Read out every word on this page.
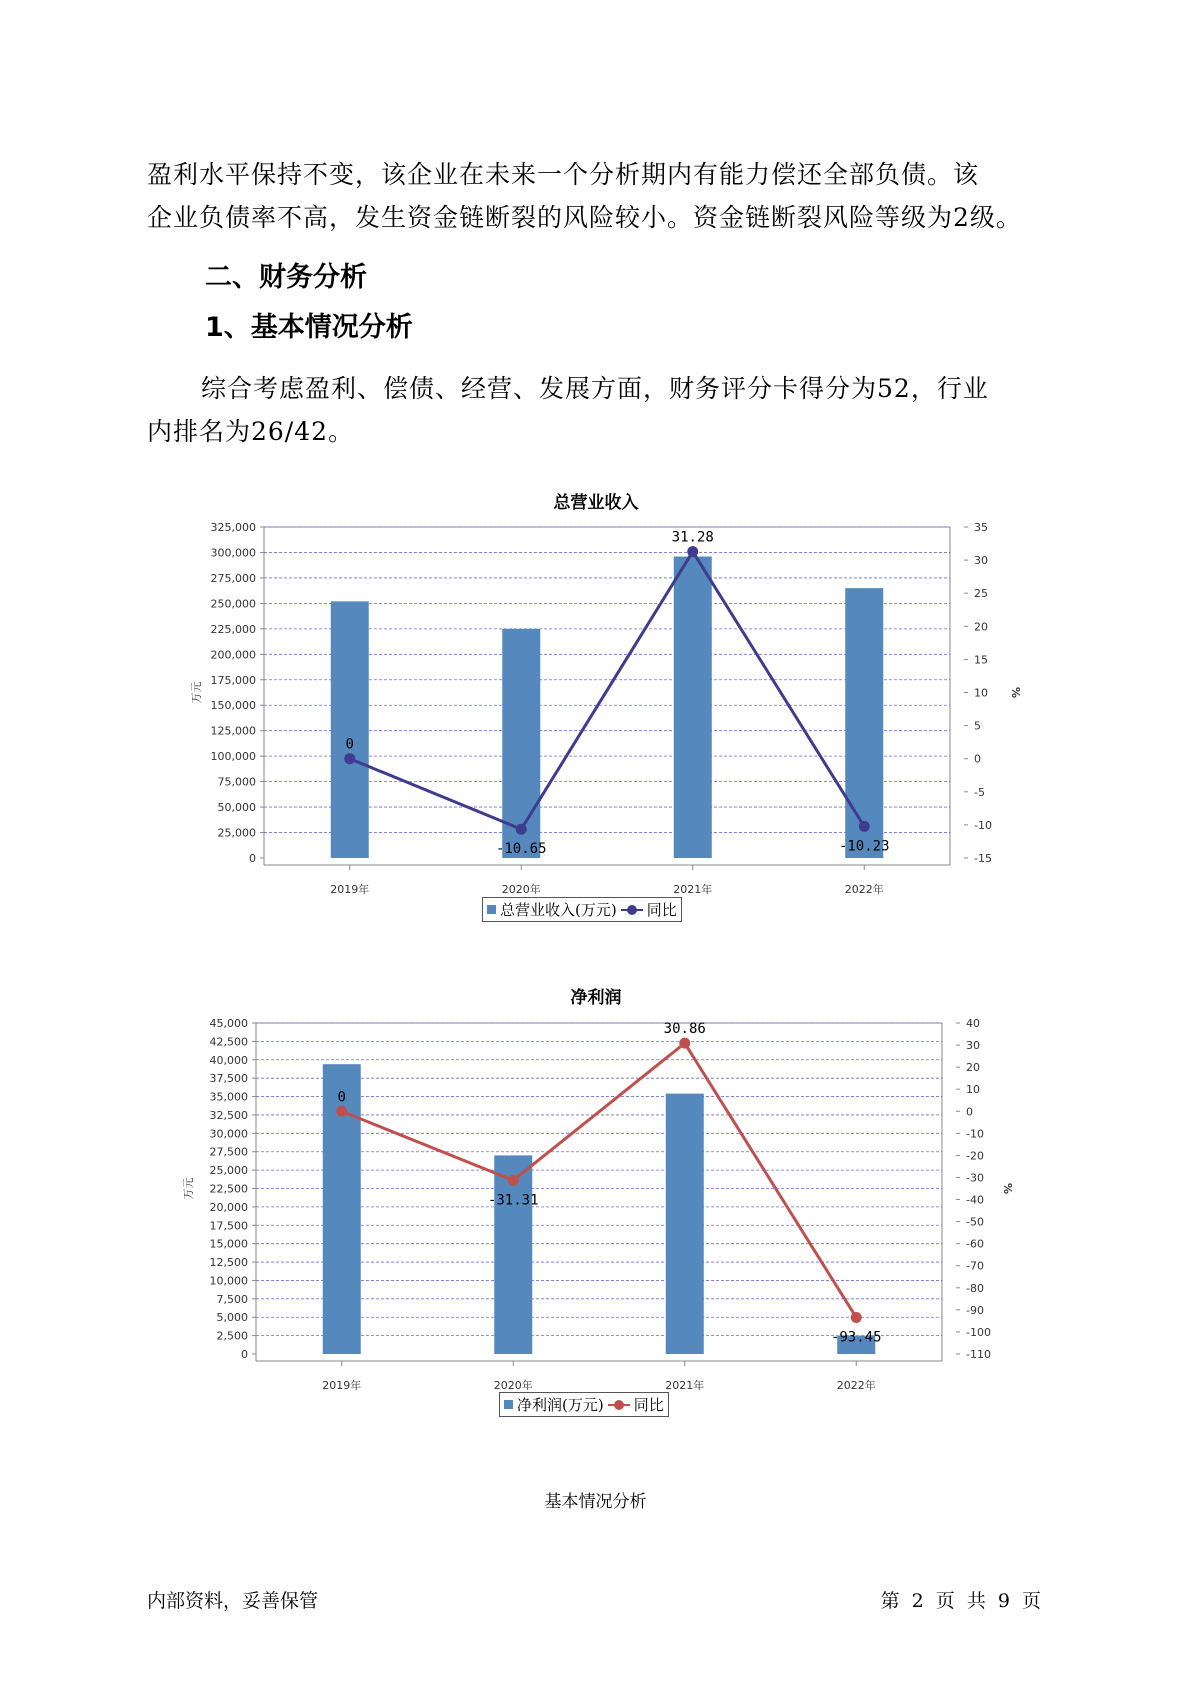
盈利水平保持不变，该企业在未来一个分析期内有能力偿还全部负债。该

企业负债率不高，发生资金链断裂的风险较小。资金链断裂风险等级为2级。

二、财务分析
1、基本情况分析

综合考虑盈利、偿债、经营、发展方面，财务评分卡得分为52，行业

内排名为26/42。

总营业收入
0
25,000
50,000
75,000
100,000
125,000
150,000
175,000
200,000
225,000
250,000
275,000
300,000
325,000
-15
-10
-5
0
5
10
15
20
25
30
35
万元	%
2019年	2020年	2021年	2022年
0
-10.65
31.28
-10.23
总营业收入(万元) 同比
净利润
0
2,500
5,000
7,500
10,000
12,500
15,000
17,500
20,000
22,500
25,000
27,500
30,000
32,500
35,000
37,500
40,000
42,500
45,000
-110
-100
-90
-80
-70
-60
-50
-40
-30
-20
-10
0
10
20
30
40
万元	%
2019年	2020年	2021年	2022年
0
-31.31
30.86
-93.45
净利润(万元) 同比
基本情况分析
内部资料，妥善保管	第 2 页 共 9 页
